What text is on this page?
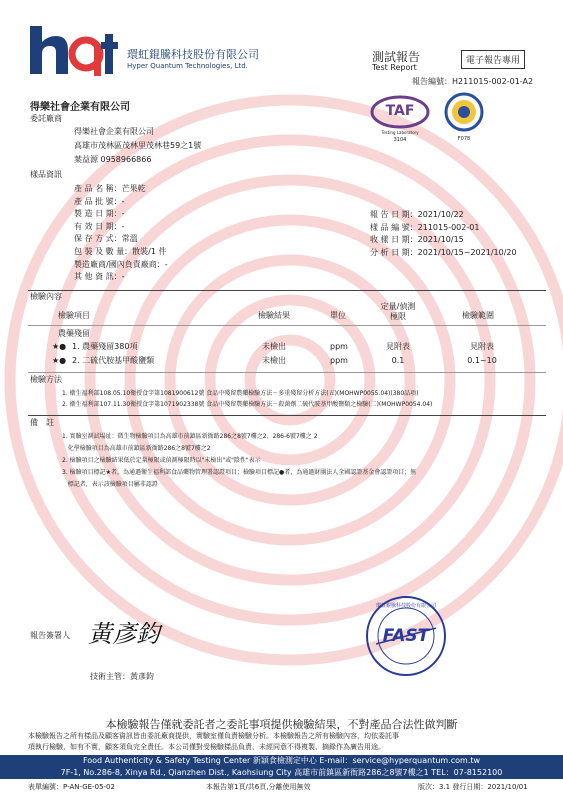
環虹錕騰科技股份有限公司
Hyper Quantum Technologies, Ltd.
測試報告
Test Report
電子報告專用
報告編號：H211015-002-01-A2
TAF
Testing Laboratory
3104	F078
得樂社會企業有限公司
委託廠商
得樂社會企業有限公司
高雄市茂林區茂林里茂林巷59之1號
葉益源 0958966866
樣品資訊
產 品 名 稱：芒果乾
產 品 批 號：-
製 造 日 期：-
有 效 日 期：-
保 存 方 式：常溫
包 裝 及 數 量：散裝/1 件
製造廠商/國內負責廠商：-
其 他 資 訊：-
報 告 日 期：2021/10/22
樣 品 編 號：211015-002-01
收 樣 日 期：2021/10/15
分 析 日 期：2021/10/15~2021/10/20
檢驗內容
檢驗項目	檢驗結果	單位
定量/偵測
極限	檢驗範圍
農藥殘留
★● 1. 農藥殘留380項	未檢出	ppm	見附表	見附表
★● 2. 二硫代胺基甲酸鹽類	未檢出	ppm	0.1	0.1~10
檢驗方法
1. 衛生福利部108.05.10衛授食字第1081900612號 食品中殘留農藥檢驗方法－多重殘留分析方法(五)(MOHWP0055.04)(380品項)
2. 衛生福利部107.11.30衛授食字第1071902338號 食品中殘留農藥檢驗方法－殺菌劑二硫代胺基甲酸鹽類之檢驗(二)(MOHWP0054.04)
備　註
1. 實驗室測試場址：微生物檢驗項目為高雄市前鎮區新衙路286之8號7樓之2、286-6號7樓之 2
化學檢驗項目為高雄市前鎮區新衙路286之8號7樓之2
2. 檢驗項目之檢驗結果低於定量極限或偵測極限時以"未檢出"或"陰性"表示
3. 檢驗項目標記★者，為通過衛生福利部食品藥物管理署認證項目；檢驗項目標記●者，為通過財團法人全國認證基金會認證項目；無
標記者，表示該檢驗項目屬非認證
報告簽署人 黃彥鈞
技術主管：黃彥鈞
FAST
環虹錕騰科技股份有限公司
本檢驗報告僅就委託者之委託事項提供檢驗結果，不對產品合法性做判斷
本檢驗報告之所有樣品及顧客資訊皆由委託廠商提供，實驗室僅負責檢驗分析。本檢驗報告之所有檢驗內容，均依委託事
項執行檢驗，如有不實，顧客須負完全責任。本公司僅對受檢驗樣品負責，未經同意不得複製、摘錄作為廣告用途。
Food Authenticity & Safety Testing Center 新穎食檢測定中心 E-mail：service@hyperquantum.com.tw
7F-1, No.286-8, Xinya Rd., Qianzhen Dist., Kaohsiung City 高雄市前鎮區新衙路286之8號7樓之1 TEL：07-8152100
表單編號：P-AN-GE-05-02	本報告第1頁/共6頁,分離使用無效	版次：3.1 發行日期：2021/10/01
